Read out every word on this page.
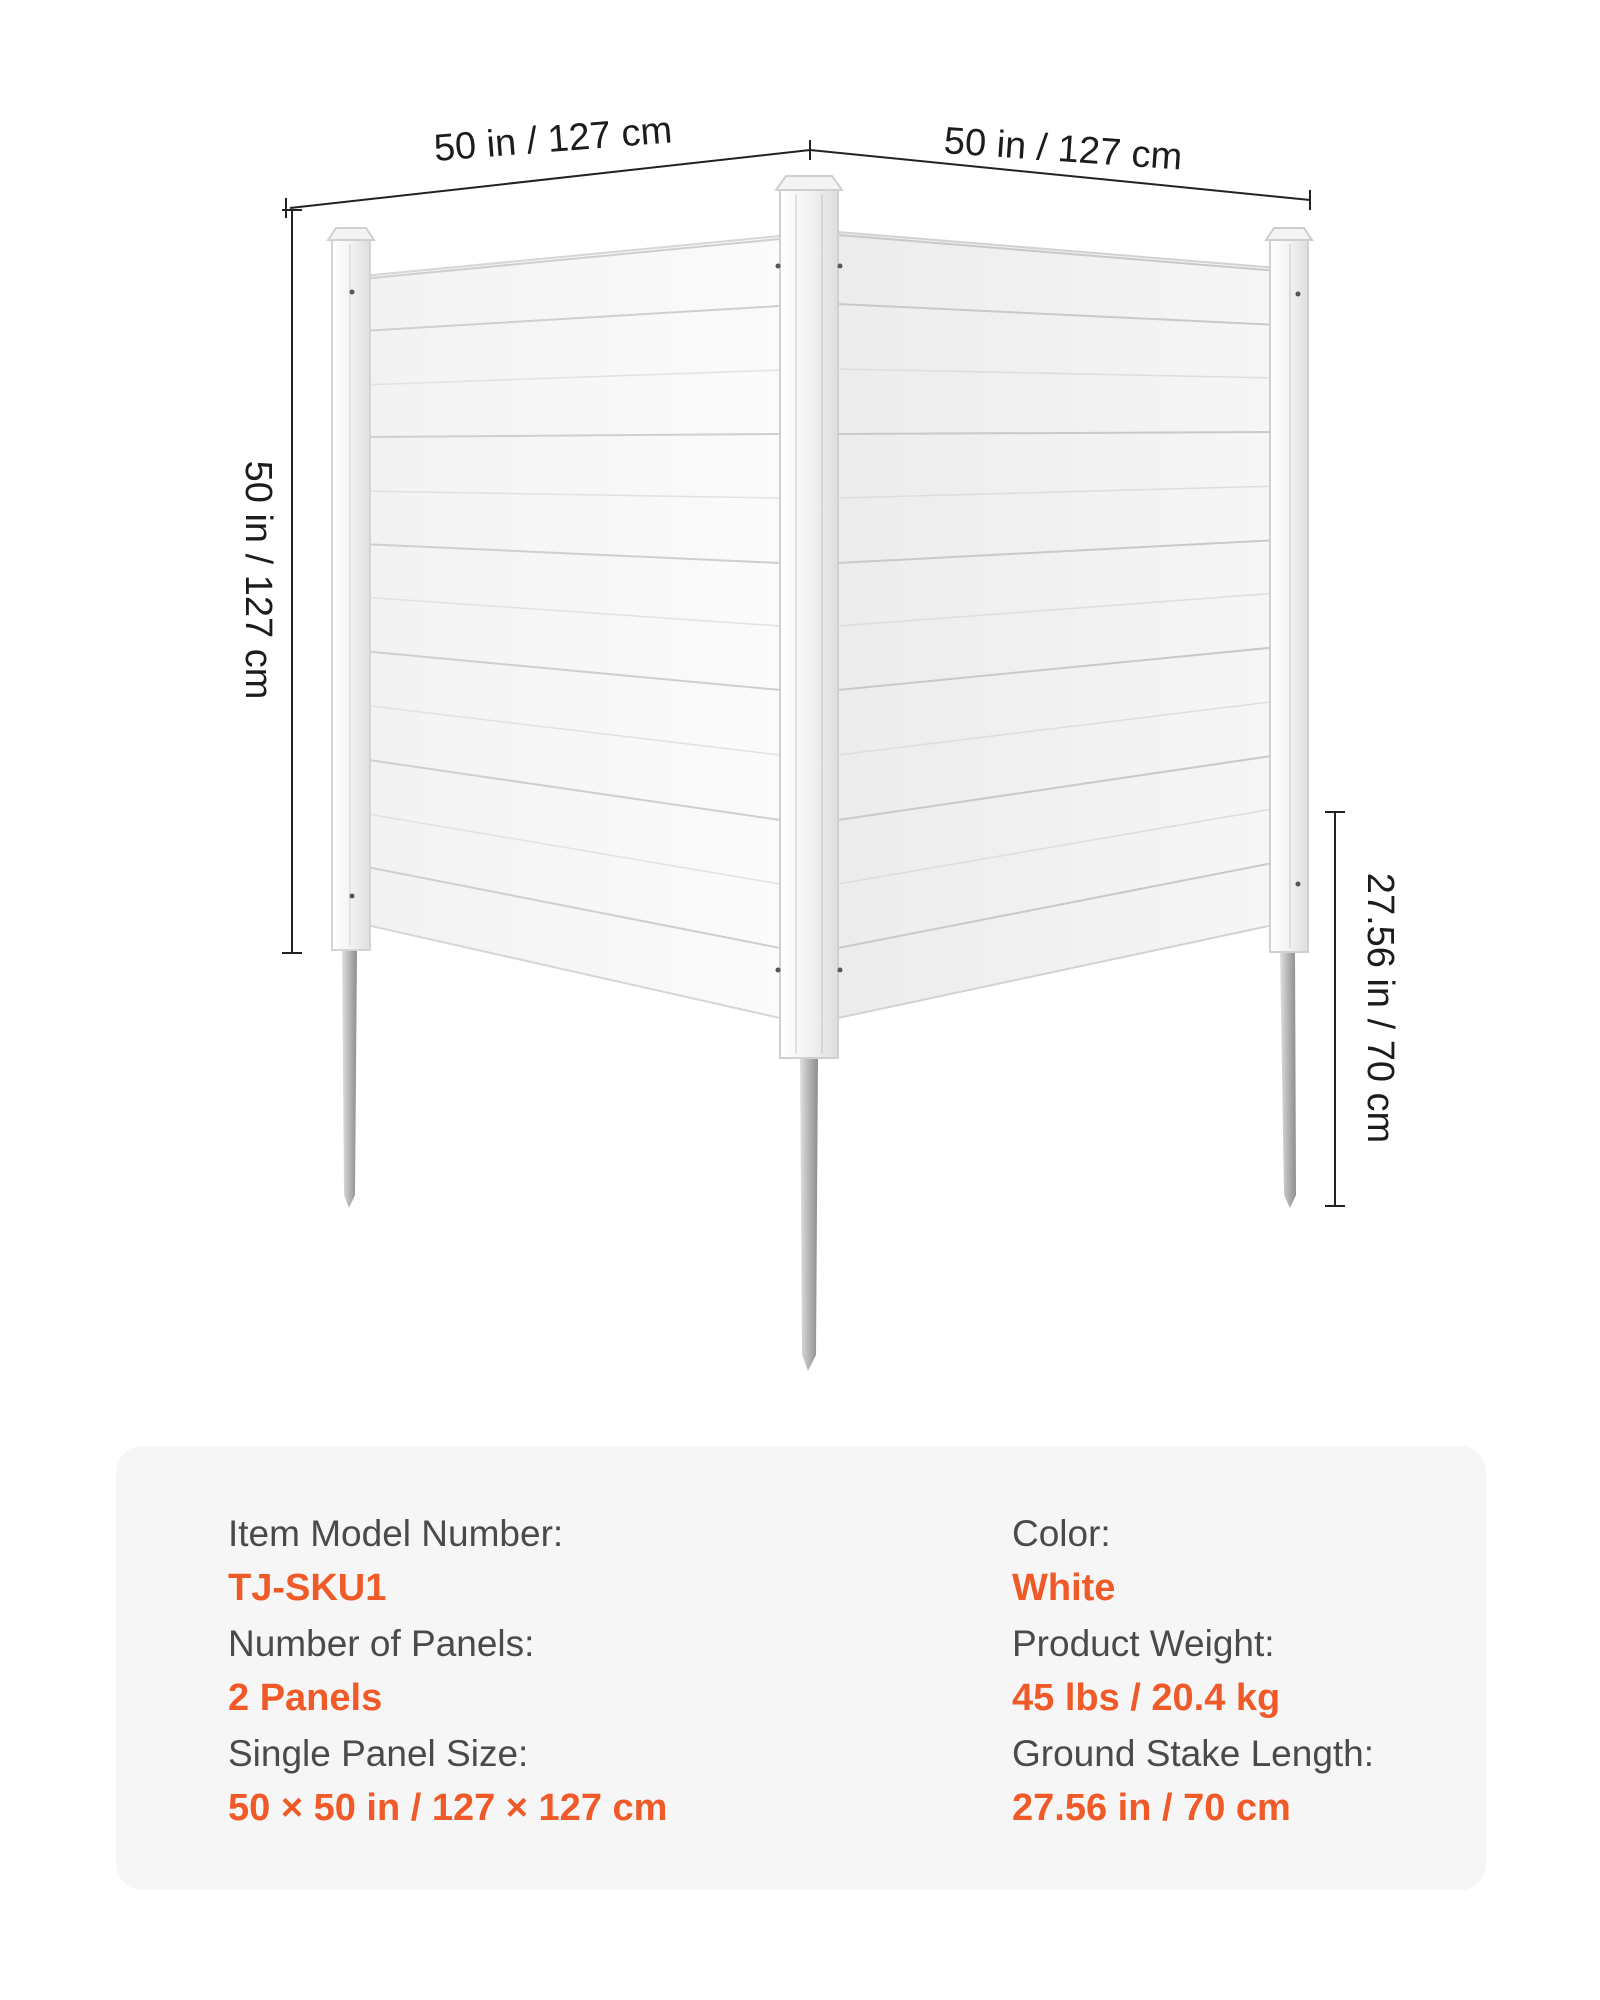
50 in / 127 cm	50 in / 127 cm
50 in / 127 cm
27.56 in / 70 cm
Item Model Number:
TJ-SKU1
Number of Panels:
2 Panels
Single Panel Size:
50 × 50 in / 127 × 127 cm
Color:
White
Product Weight:
45 lbs / 20.4 kg
Ground Stake Length:
27.56 in / 70 cm
